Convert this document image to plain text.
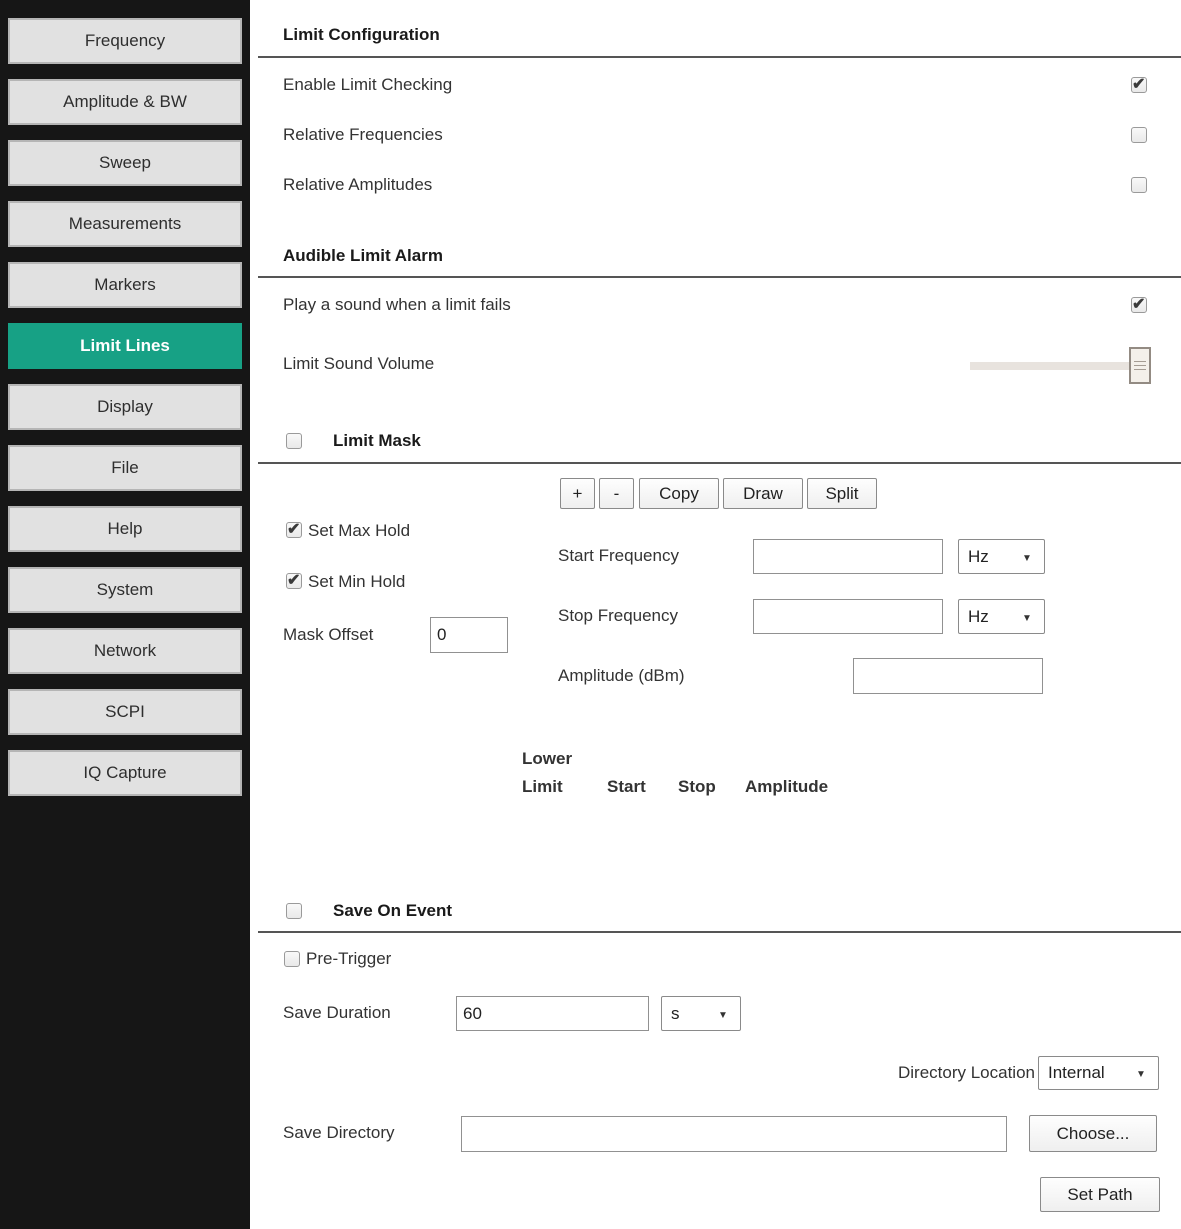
Frequency
Amplitude & BW
Sweep
Measurements
Markers
Limit Lines
Display
File
Help
System
Network
SCPI
IQ Capture
Limit Configuration
Enable Limit Checking
✔
Relative Frequencies
Relative Amplitudes
Audible Limit Alarm
Play a sound when a limit fails
✔
Limit Sound Volume
Limit Mask
+	-	Copy	Draw	Split
✔
Set Max Hold
Start Frequency	Hz
▼
✔
Set Min Hold
Stop Frequency	Hz
▼
Mask Offset
0
Amplitude (dBm)
Lower
Limit	Start Stop Amplitude
Save On Event
Pre-Trigger
Save Duration
60	s
▼
Directory Location Internal
▼
Save Directory	Choose...
Set Path
